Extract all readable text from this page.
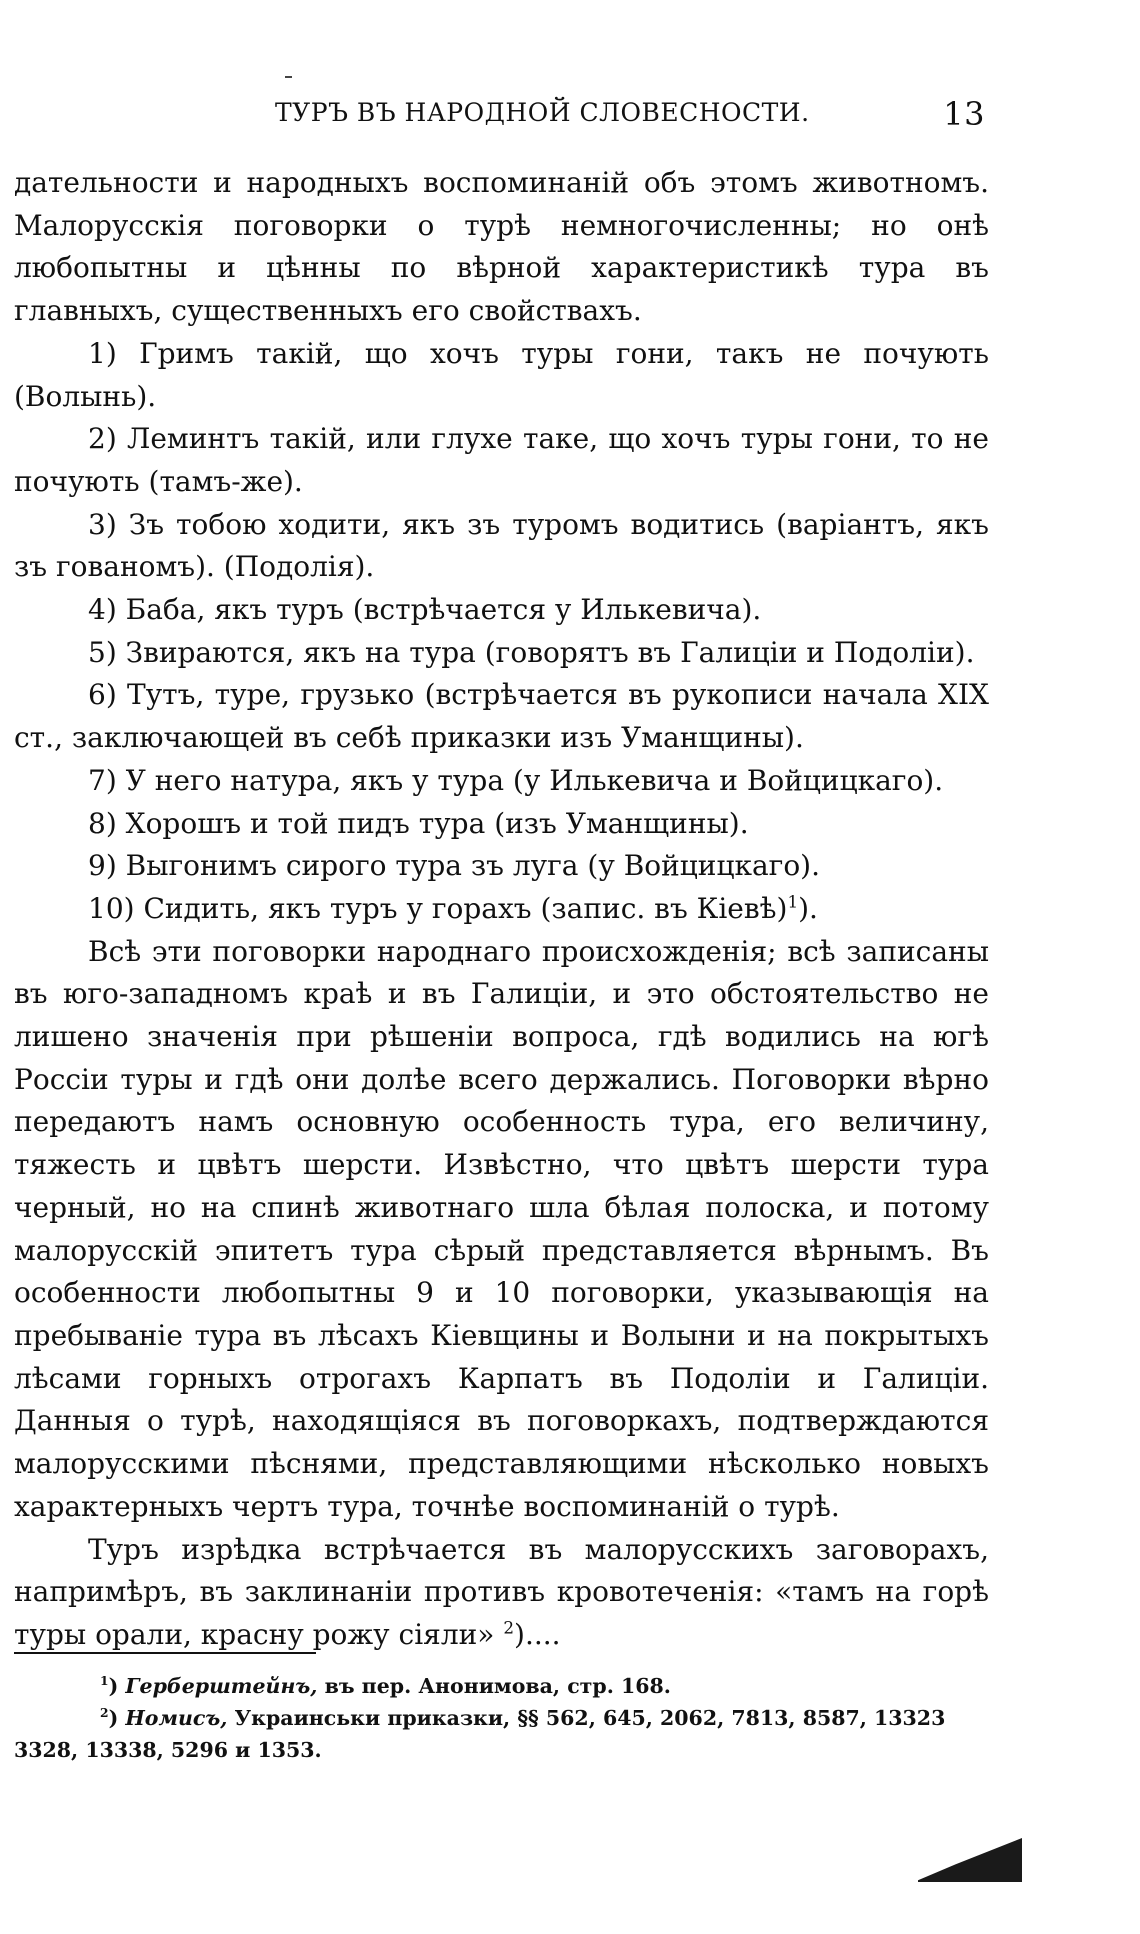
ТУРЪ ВЪ НАРОДНОЙ СЛОВЕСНОСТИ.	13

дательности и народныхъ воспоминаній объ этомъ животномъ. Малорусскія поговорки о турѣ немногочисленны; но онѣ любопытны и цѣнны по вѣрной характеристикѣ тура въ главныхъ, существенныхъ его свойствахъ.

1) Гримъ такій, що хочъ туры гони, такъ не почують (Волынь).

2) Леминтъ такій, или глухе таке, що хочъ туры гони, то не почують (тамъ-же).

3) Зъ тобою ходити, якъ зъ туромъ водитись (варіантъ, якъ зъ гованомъ). (Подолія).

4) Баба, якъ туръ (встрѣчается у Илькевича).

5) Звираются, якъ на тура (говорятъ въ Галиціи и Подоліи).

6) Тутъ, туре, грузько (встрѣчается въ рукописи начала XIX ст., заключающей въ себѣ приказки изъ Уманщины).

7) У него натура, якъ у тура (у Илькевича и Войцицкаго).

8) Хорошъ и той пидъ тура (изъ Уманщины).

9) Выгонимъ сирого тура зъ луга (у Войцицкаго).

10) Сидить, якъ туръ у горахъ (запис. въ Кіевѣ)$^1$).

Всѣ эти поговорки народнаго происхожденія; всѣ записаны въ юго-западномъ краѣ и въ Галиціи, и это обстоятельство не лишено значенія при рѣшеніи вопроса, гдѣ водились на югѣ Россіи туры и гдѣ они долѣе всего держались. Поговорки вѣрно передаютъ намъ основную особенность тура, его величину, тяжесть и цвѣтъ шерсти. Извѣстно, что цвѣтъ шерсти тура черный, но на спинѣ животнаго шла бѣлая полоска, и потому малорусскій эпитетъ тура сѣрый представляется вѣрнымъ. Въ особенности любопытны 9 и 10 поговорки, указывающія на пребываніе тура въ лѣсахъ Кіевщины и Волыни и на покрытыхъ лѣсами горныхъ отрогахъ Карпатъ въ Подоліи и Галиціи. Данныя о турѣ, находящіяся въ поговоркахъ, подтверждаются малорусскими пѣснями, представляющими нѣсколько новыхъ характерныхъ чертъ тура, точнѣе воспоминаній о турѣ.

Туръ изрѣдка встрѣчается въ малорусскихъ заговорахъ, напримѣръ, въ заклинаніи противъ кровотеченія: «тамъ на горѣ туры орали, красну рожу сіяли» $^2$)....

$^1$) Герберштейнъ, въ пер. Анонимова, стр. 168.

$^2$) Номисъ, Украинськи приказки, §§ 562, 645, 2062, 7813, 8587, 13323 3328, 13338, 5296 и 1353.
